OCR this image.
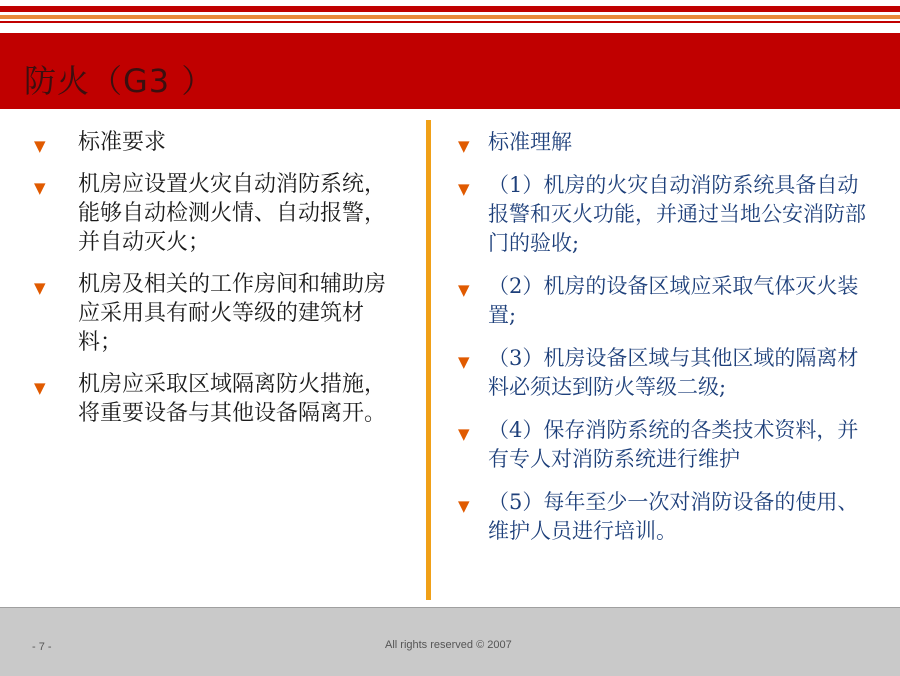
防火（G3 ）
▼ 标准要求
▼ 机房应设置火灾自动消防系统，能够自动检测火情、自动报警，并自动灭火；
▼ 机房及相关的工作房间和辅助房应采用具有耐火等级的建筑材料；
▼ 机房应采取区域隔离防火措施，将重要设备与其他设备隔离开。
▼ 标准理解
▼ （1）机房的火灾自动消防系统具备自动报警和灭火功能，并通过当地公安消防部门的验收;
▼ （2）机房的设备区域应采取气体灭火装置;
▼ （3）机房设备区域与其他区域的隔离材料必须达到防火等级二级;
▼ （4）保存消防系统的各类技术资料，并有专人对消防系统进行维护
▼ （5）每年至少一次对消防设备的使用、维护人员进行培训。
- 7 -	All rights reserved © 2007
